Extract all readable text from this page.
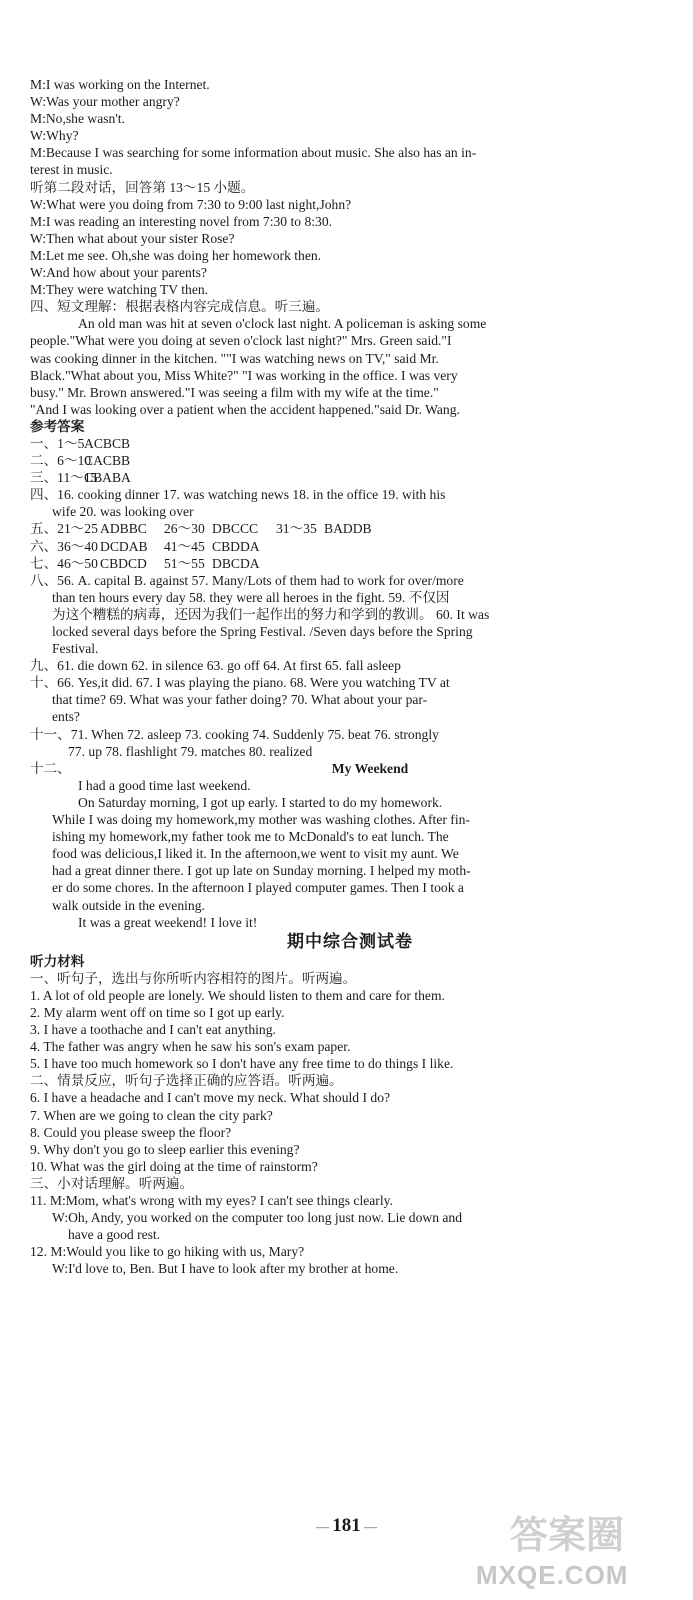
M:I was working on the Internet.
W:Was your mother angry?
M:No,she wasn't.
W:Why?
M:Because I was searching for some information about music. She also has an in-
terest in music.
听第二段对话，回答第 13～15 小题。
W:What were you doing from 7:30 to 9:00 last night,John?
M:I was reading an interesting novel from 7:30 to 8:30.
W:Then what about your sister Rose?
M:Let me see. Oh,she was doing her homework then.
W:And how about your parents?
M:They were watching TV then.
四、短文理解：根据表格内容完成信息。听三遍。
An old man was hit at seven o'clock last night. A policeman is asking some
people."What were you doing at seven o'clock last night?" Mrs. Green said."I
was cooking dinner in the kitchen. ""I was watching news on TV," said Mr.
Black."What about you, Miss White?" "I was working in the office. I was very
busy." Mr. Brown answered."I was seeing a film with my wife at the time."
"And I was looking over a patient when the accident happened."said Dr. Wang.
参考答案
一、1～5ACBCB
二、6～10CACBB
三、11～15CBABA
四、16. cooking dinner 17. was watching news 18. in the office 19. with his
wife 20. was looking over
五、21～25 ADBBC 26～30 DBCCC 31～35 BADDB
六、36～40 DCDAB 41～45 CBDDA
七、46～50 CBDCD 51～55 DBCDA
八、56. A. capital B. against 57. Many/Lots of them had to work for over/more
than ten hours every day 58. they were all heroes in the fight. 59. 不仅因
为这个糟糕的病毒，还因为我们一起作出的努力和学到的教训。 60. It was
locked several days before the Spring Festival. /Seven days before the Spring
Festival.
九、61. die down 62. in silence 63. go off 64. At first 65. fall asleep
十、66. Yes,it did. 67. I was playing the piano. 68. Were you watching TV at
that time? 69. What was your father doing? 70. What about your par-
ents?
十一、71. When 72. asleep 73. cooking 74. Suddenly 75. beat 76. strongly
77. up 78. flashlight 79. matches 80. realized
十二、	My Weekend
I had a good time last weekend.
On Saturday morning, I got up early. I started to do my homework.
While I was doing my homework,my mother was washing clothes. After fin-
ishing my homework,my father took me to McDonald's to eat lunch. The
food was delicious,I liked it. In the afternoon,we went to visit my aunt. We
had a great dinner there. I got up late on Sunday morning. I helped my moth-
er do some chores. In the afternoon I played computer games. Then I took a
walk outside in the evening.
It was a great weekend! I love it!
期中综合测试卷
听力材料
一、听句子，选出与你所听内容相符的图片。听两遍。
1. A lot of old people are lonely. We should listen to them and care for them.
2. My alarm went off on time so I got up early.
3. I have a toothache and I can't eat anything.
4. The father was angry when he saw his son's exam paper.
5. I have too much homework so I don't have any free time to do things I like.
二、情景反应，听句子选择正确的应答语。听两遍。
6. I have a headache and I can't move my neck. What should I do?
7. When are we going to clean the city park?
8. Could you please sweep the floor?
9. Why don't you go to sleep earlier this evening?
10. What was the girl doing at the time of rainstorm?
三、小对话理解。听两遍。
11. M:Mom, what's wrong with my eyes? I can't see things clearly.
W:Oh, Andy, you worked on the computer too long just now. Lie down and
have a good rest.
12. M:Would you like to go hiking with us, Mary?
W:I'd love to, Ben. But I have to look after my brother at home.
— 181 —	答案圈
MXQE.COM
